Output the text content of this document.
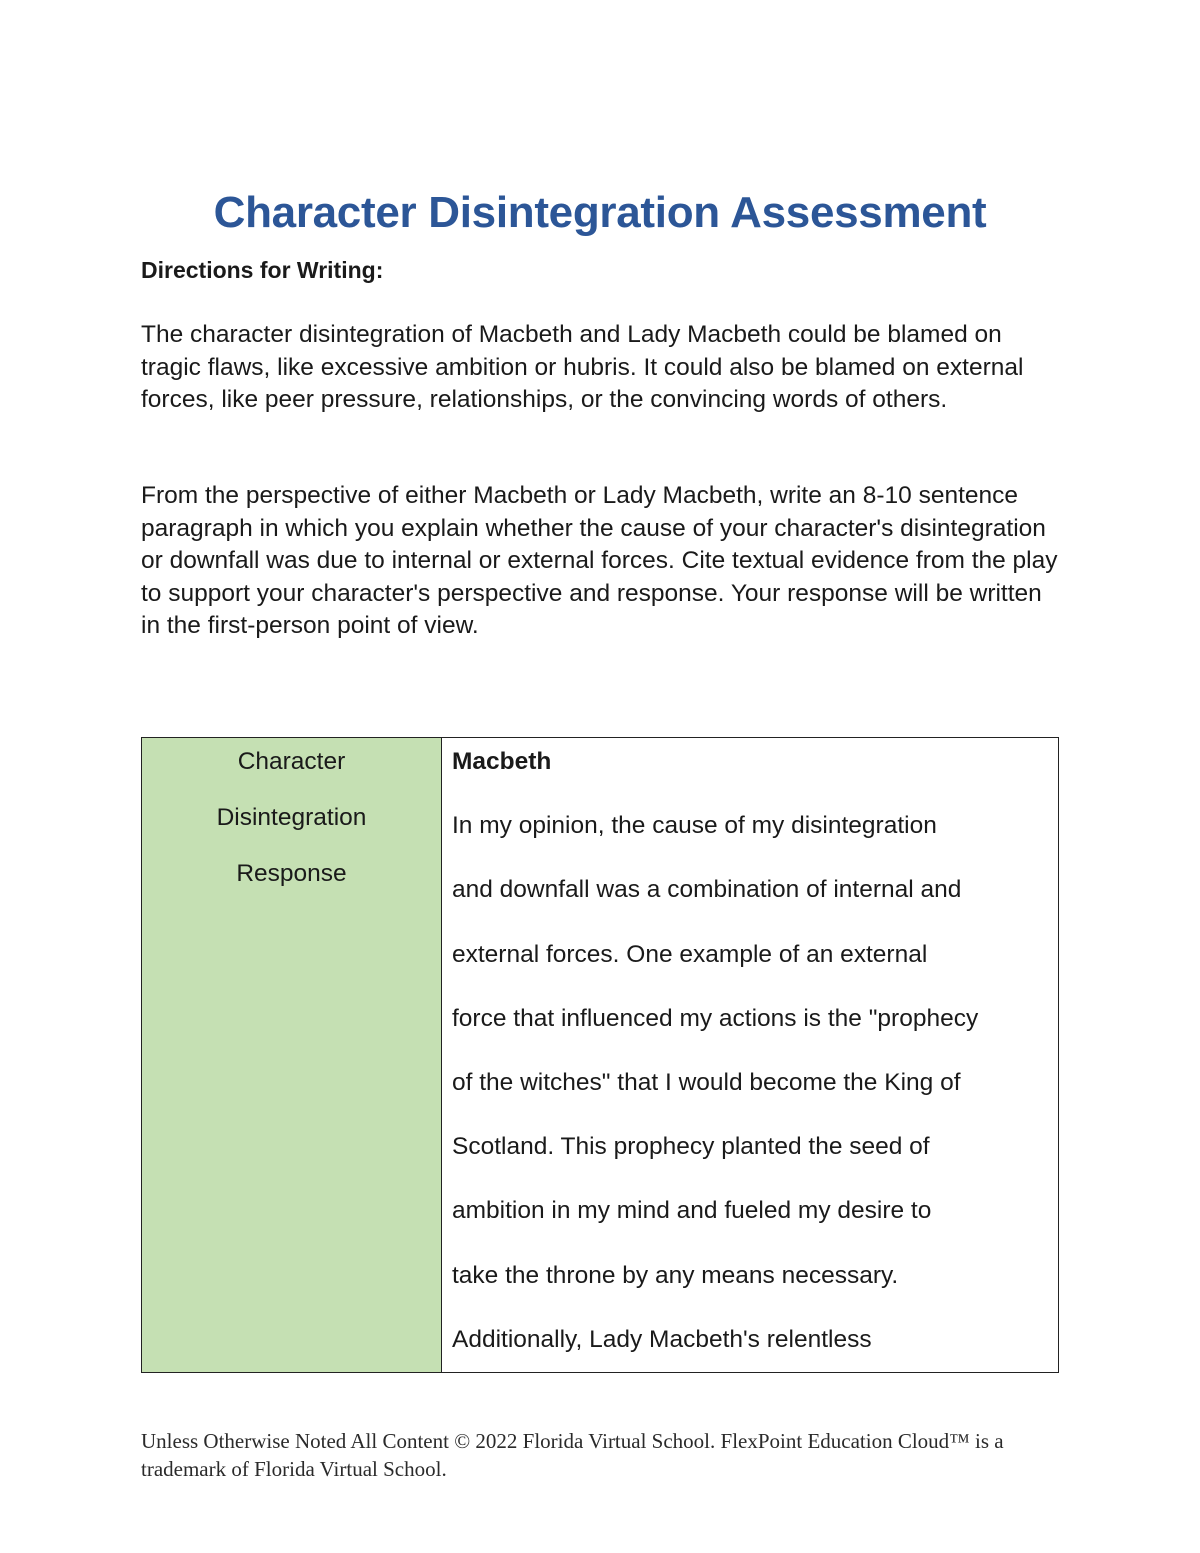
Character Disintegration Assessment

Directions for Writing:

The character disintegration of Macbeth and Lady Macbeth could be blamed on tragic flaws, like excessive ambition or hubris. It could also be blamed on external forces, like peer pressure, relationships, or the convincing words of others.

From the perspective of either Macbeth or Lady Macbeth, write an 8-10 sentence paragraph in which you explain whether the cause of your character's disintegration or downfall was due to internal or external forces. Cite textual evidence from the play to support your character's perspective and response. Your response will be written in the first-person point of view.

Character
Disintegration
Response

Macbeth
In my opinion, the cause of my disintegration
and downfall was a combination of internal and
external forces. One example of an external
force that influenced my actions is the "prophecy
of the witches" that I would become the King of
Scotland. This prophecy planted the seed of
ambition in my mind and fueled my desire to
take the throne by any means necessary.
Additionally, Lady Macbeth's relentless

Unless Otherwise Noted All Content © 2022 Florida Virtual School. FlexPoint Education Cloud™ is a trademark of Florida Virtual School.
